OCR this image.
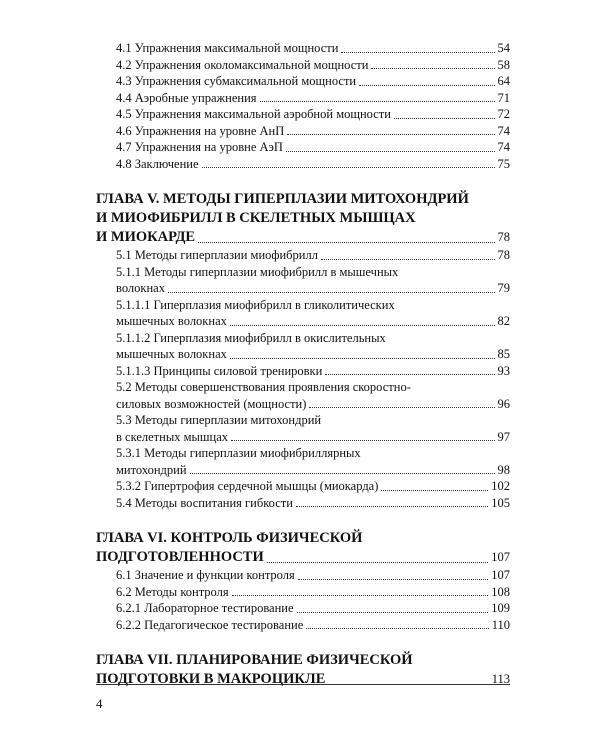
4.1 Упражнения максимальной мощности	54
4.2 Упражнения околомаксимальной мощности	58
4.3 Упражнения субмаксимальной мощности	64
4.4 Аэробные упражнения	71
4.5 Упражнения максимальной аэробной мощности	72
4.6 Упражнения на уровне АнП	74
4.7 Упражнения на уровне АэП	74
4.8 Заключение	75
ГЛАВА V. МЕТОДЫ ГИПЕРПЛАЗИИ МИТОХОНДРИЙ
И МИОФИБРИЛЛ В СКЕЛЕТНЫХ МЫШЦАХ
И МИОКАРДЕ	78
5.1 Методы гиперплазии миофибрилл	78
5.1.1 Методы гиперплазии миофибрилл в мышечных
волокнах	79
5.1.1.1 Гиперплазия миофибрилл в гликолитических
мышечных волокнах	82
5.1.1.2 Гиперплазия миофибрилл в окислительных
мышечных волокнах	85
5.1.1.3 Принципы силовой тренировки	93
5.2 Методы совершенствования проявления скоростно-
силовых возможностей (мощности)	96
5.3 Методы гиперплазии митохондрий
в скелетных мышцах	97
5.3.1 Методы гиперплазии миофибриллярных
митохондрий	98
5.3.2 Гипертрофия сердечной мышцы (миокарда)	102
5.4 Методы воспитания гибкости	105
ГЛАВА VI. КОНТРОЛЬ ФИЗИЧЕСКОЙ
ПОДГОТОВЛЕННОСТИ	107
6.1 Значение и функции контроля	107
6.2 Методы контроля	108
6.2.1 Лабораторное тестирование	109
6.2.2 Педагогическое тестирование	110
ГЛАВА VII. ПЛАНИРОВАНИЕ ФИЗИЧЕСКОЙ
ПОДГОТОВКИ В МАКРОЦИКЛЕ	113
4
